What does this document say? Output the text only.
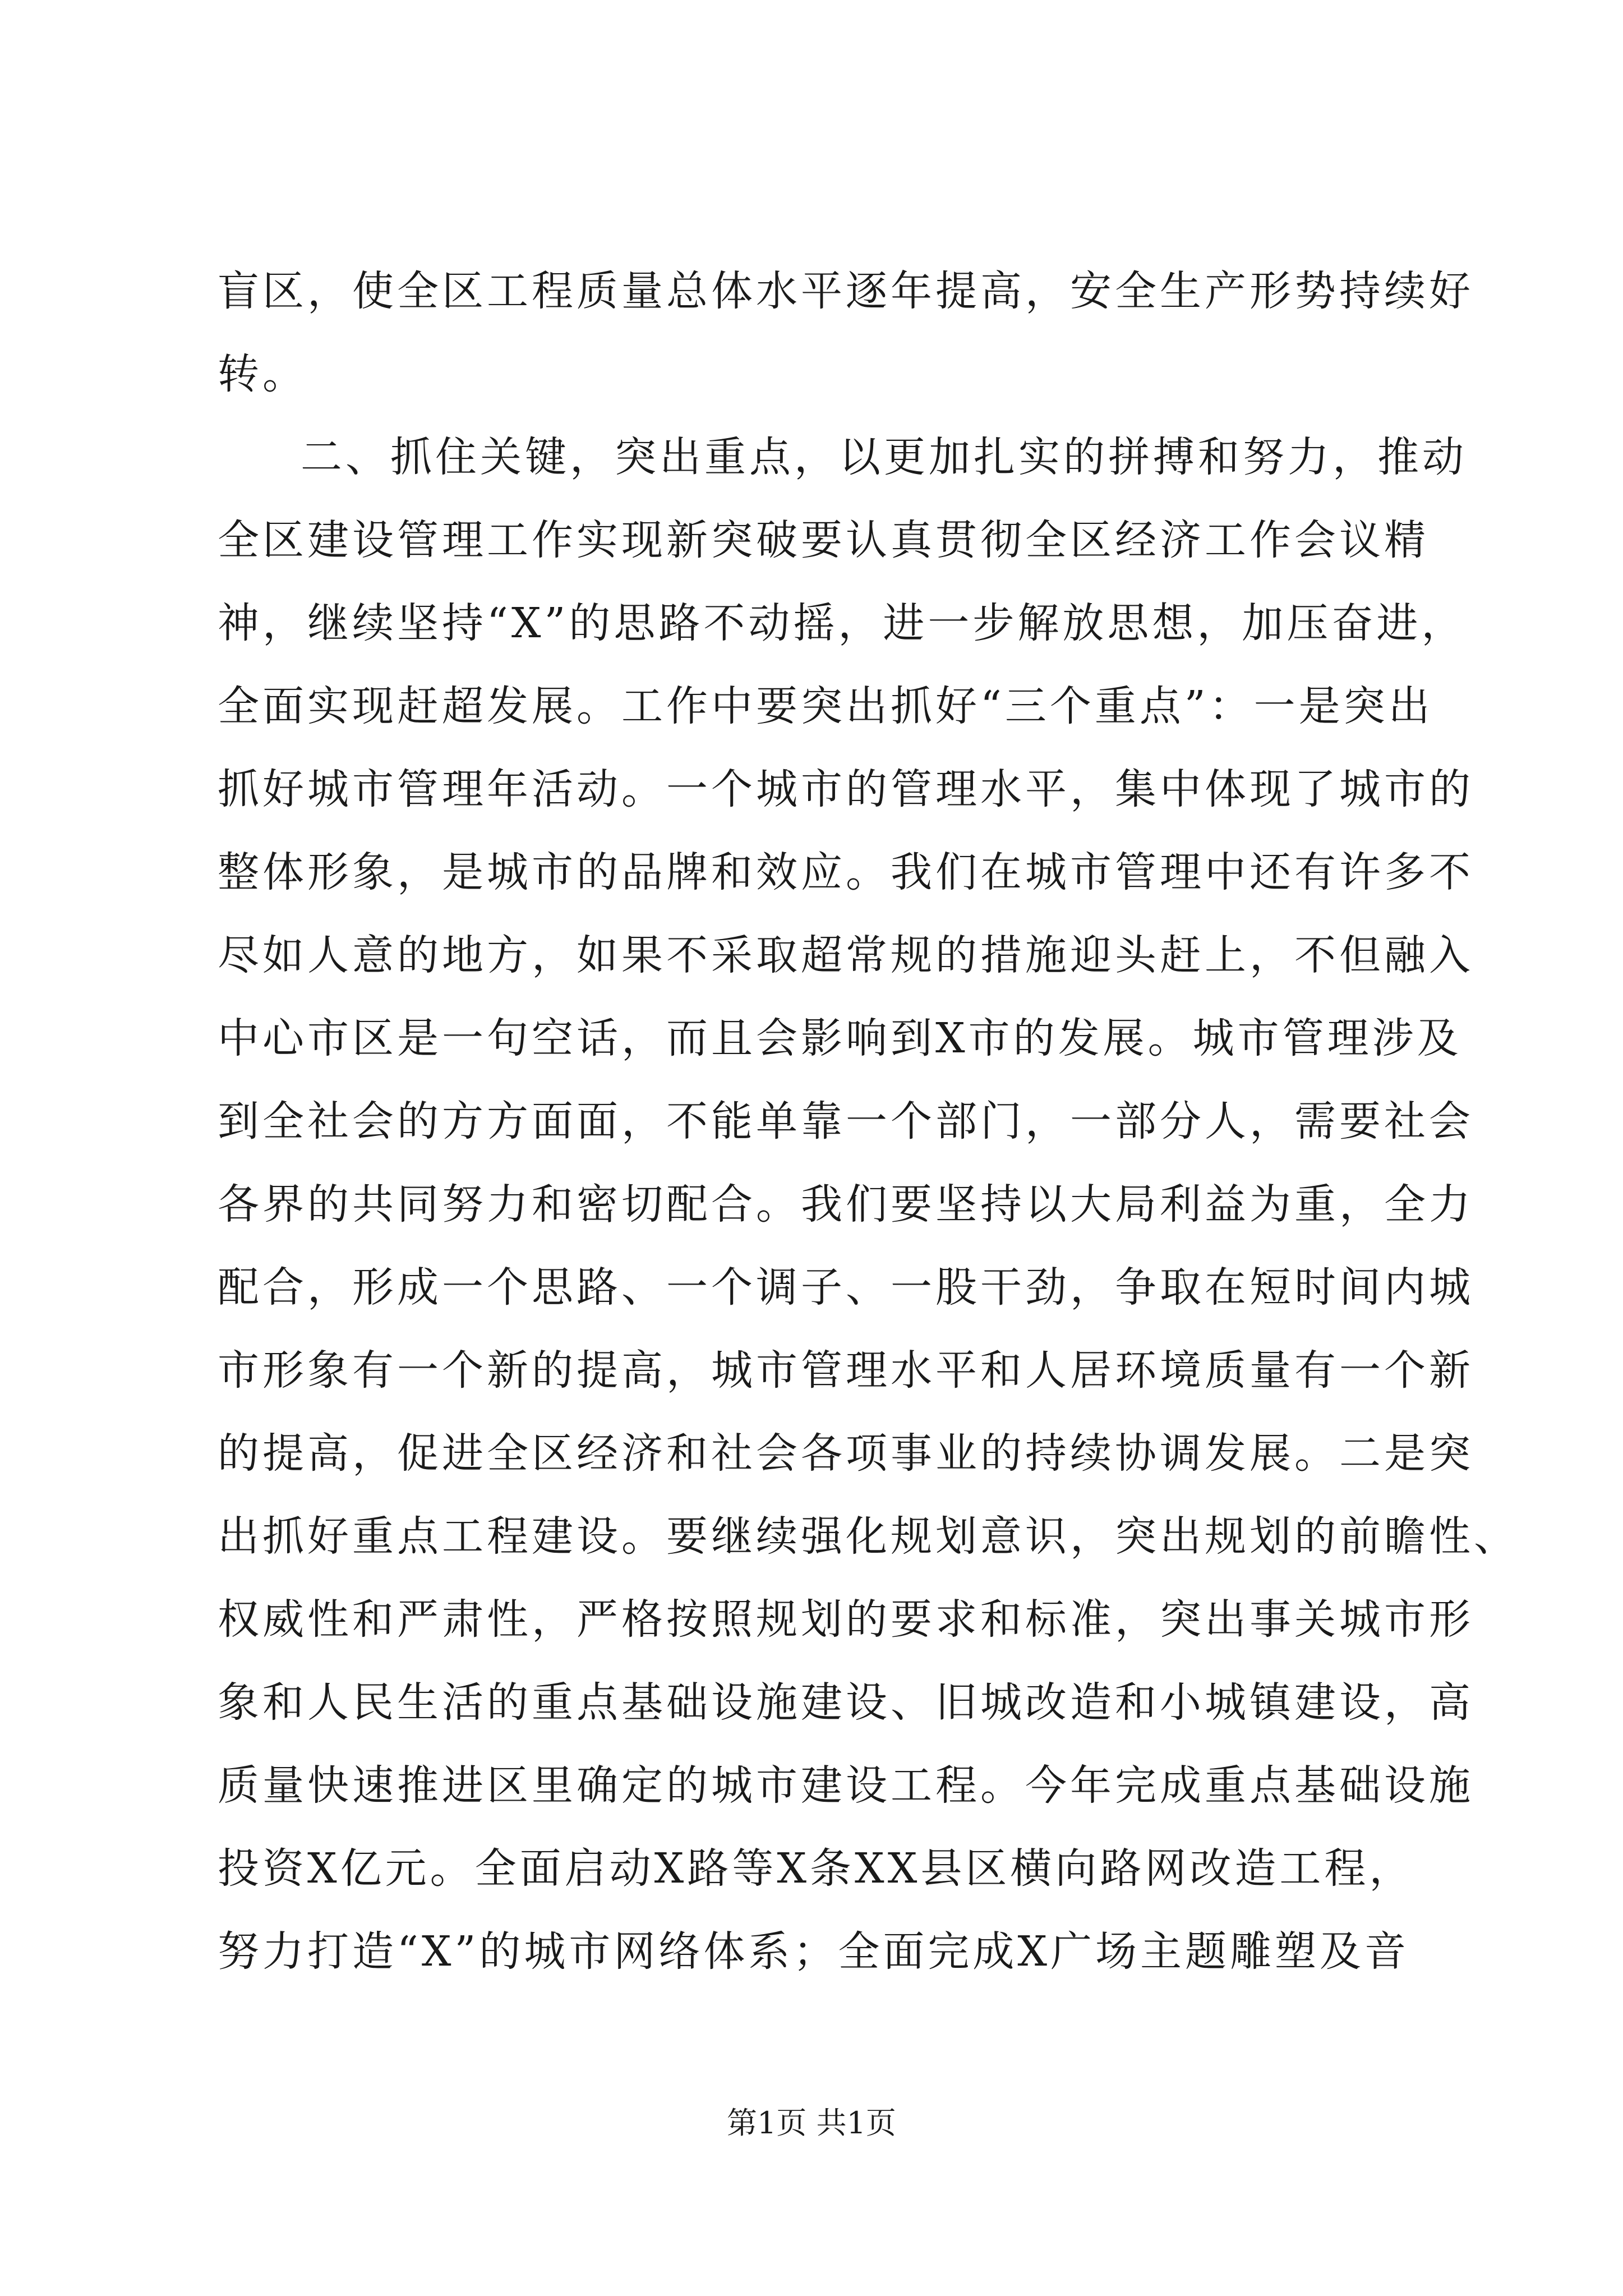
盲区，使全区工程质量总体水平逐年提高，安全生产形势持续好
转。
二、抓住关键，突出重点，以更加扎实的拼搏和努力，推动
全区建设管理工作实现新突破要认真贯彻全区经济工作会议精
神，继续坚持“X”的思路不动摇，进一步解放思想，加压奋进，
全面实现赶超发展。工作中要突出抓好“三个重点”：一是突出
抓好城市管理年活动。一个城市的管理水平，集中体现了城市的
整体形象，是城市的品牌和效应。我们在城市管理中还有许多不
尽如人意的地方，如果不采取超常规的措施迎头赶上，不但融入
中心市区是一句空话，而且会影响到X市的发展。城市管理涉及
到全社会的方方面面，不能单靠一个部门，一部分人，需要社会
各界的共同努力和密切配合。我们要坚持以大局利益为重，全力
配合，形成一个思路、一个调子、一股干劲，争取在短时间内城
市形象有一个新的提高，城市管理水平和人居环境质量有一个新
的提高，促进全区经济和社会各项事业的持续协调发展。二是突
出抓好重点工程建设。要继续强化规划意识，突出规划的前瞻性、
权威性和严肃性，严格按照规划的要求和标准，突出事关城市形
象和人民生活的重点基础设施建设、旧城改造和小城镇建设，高
质量快速推进区里确定的城市建设工程。今年完成重点基础设施
投资X亿元。全面启动X路等X条XX县区横向路网改造工程，
努力打造“X”的城市网络体系；全面完成X广场主题雕塑及音
第1页 共1页
